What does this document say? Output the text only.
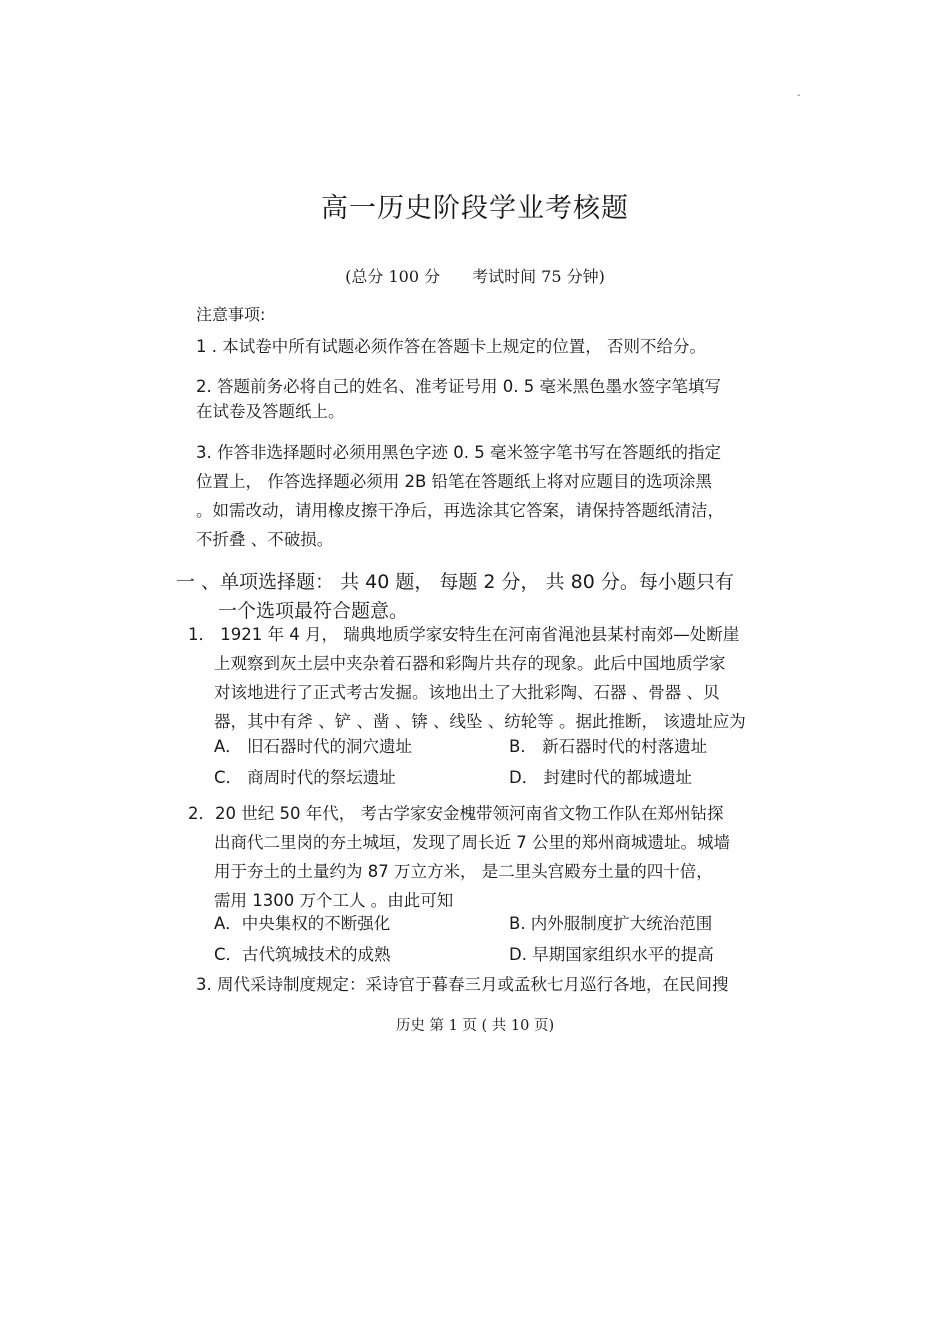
-
高一历史阶段学业考核题
(总分 100 分　　考试时间 75 分钟)
注意事项:
1 . 本试卷中所有试题必须作答在答题卡上规定的位置， 否则不给分。
2. 答题前务必将自己的姓名、准考证号用 0. 5 毫米黑色墨水签字笔填写
在试卷及答题纸上。
3. 作答非选择题时必须用黑色字迹 0. 5 毫米签字笔书写在答题纸的指定
位置上， 作答选择题必须用 2B 铅笔在答题纸上将对应题目的选项涂黑
。如需改动，请用橡皮擦干净后，再选涂其它答案，请保持答题纸清洁，
不折叠 、不破损。
一 、单项选择题： 共 40 题， 每题 2 分， 共 80 分。每小题只有
一个选项最符合题意。
1． 1921 年 4 月， 瑞典地质学家安特生在河南省渑池县某村南郊—处断崖
上观察到灰土层中夹杂着石器和彩陶片共存的现象。此后中国地质学家
对该地进行了正式考古发掘。该地出土了大批彩陶、石器 、骨器 、贝
器，其中有斧 、铲 、凿 、锛 、线坠 、纺轮等 。据此推断， 该遗址应为
A． 旧石器时代的洞穴遗址	B． 新石器时代的村落遗址
C． 商周时代的祭坛遗址	D． 封建时代的都城遗址
2．20 世纪 50 年代， 考古学家安金槐带领河南省文物工作队在郑州钻探
出商代二里岗的夯土城垣，发现了周长近 7 公里的郑州商城遗址。城墙
用于夯土的土量约为 87 万立方米， 是二里头宫殿夯土量的四十倍，
需用 1300 万个工人 。由此可知
A．中央集权的不断强化	B. 内外服制度扩大统治范围
C．古代筑城技术的成熟	D. 早期国家组织水平的提高
3. 周代采诗制度规定：采诗官于暮春三月或孟秋七月巡行各地，在民间搜
历史 第 1 页 ( 共 10 页)
